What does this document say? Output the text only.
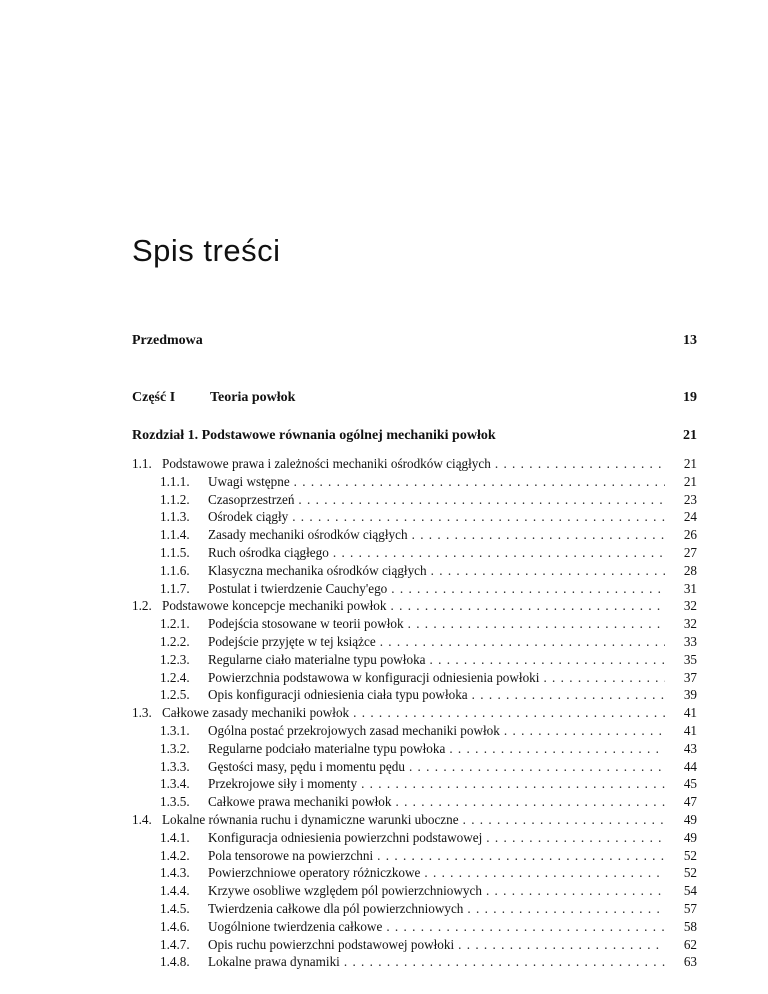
Spis treści
Przedmowa	13
Część I Teoria powłok	19
Rozdział 1. Podstawowe równania ogólnej mechaniki powłok	21
1.1. Podstawowe prawa i zależności mechaniki ośrodków ciągłych . . .	21
1.1.1.	Uwagi wstępne . . .	21
1.1.2.	Czasoprzestrzeń . . .	23
1.1.3.	Ośrodek ciągły . . .	24
1.1.4.	Zasady mechaniki ośrodków ciągłych . . .	26
1.1.5.	Ruch ośrodka ciągłego . . .	27
1.1.6.	Klasyczna mechanika ośrodków ciągłych . . .	28
1.1.7.	Postulat i twierdzenie Cauchy'ego . . .	31
1.2. Podstawowe koncepcje mechaniki powłok . . .	32
1.2.1.	Podejścia stosowane w teorii powłok . . .	32
1.2.2.	Podejście przyjęte w tej książce . . .	33
1.2.3.	Regularne ciało materialne typu powłoka . . .	35
1.2.4.	Powierzchnia podstawowa w konfiguracji odniesienia powłoki . . .	37
1.2.5.	Opis konfiguracji odniesienia ciała typu powłoka . . .	39
1.3. Całkowe zasady mechaniki powłok . . .	41
1.3.1.	Ogólna postać przekrojowych zasad mechaniki powłok . . .	41
1.3.2.	Regularne podciało materialne typu powłoka . . .	43
1.3.3.	Gęstości masy, pędu i momentu pędu . . .	44
1.3.4.	Przekrojowe siły i momenty . . .	45
1.3.5.	Całkowe prawa mechaniki powłok . . .	47
1.4. Lokalne równania ruchu i dynamiczne warunki uboczne . . .	49
1.4.1.	Konfiguracja odniesienia powierzchni podstawowej . . .	49
1.4.2.	Pola tensorowe na powierzchni . . .	52
1.4.3.	Powierzchniowe operatory różniczkowe . . .	52
1.4.4.	Krzywe osobliwe względem pól powierzchniowych . . .	54
1.4.5.	Twierdzenia całkowe dla pól powierzchniowych . . .	57
1.4.6.	Uogólnione twierdzenia całkowe . . .	58
1.4.7.	Opis ruchu powierzchni podstawowej powłoki . . .	62
1.4.8.	Lokalne prawa dynamiki . . .	63
